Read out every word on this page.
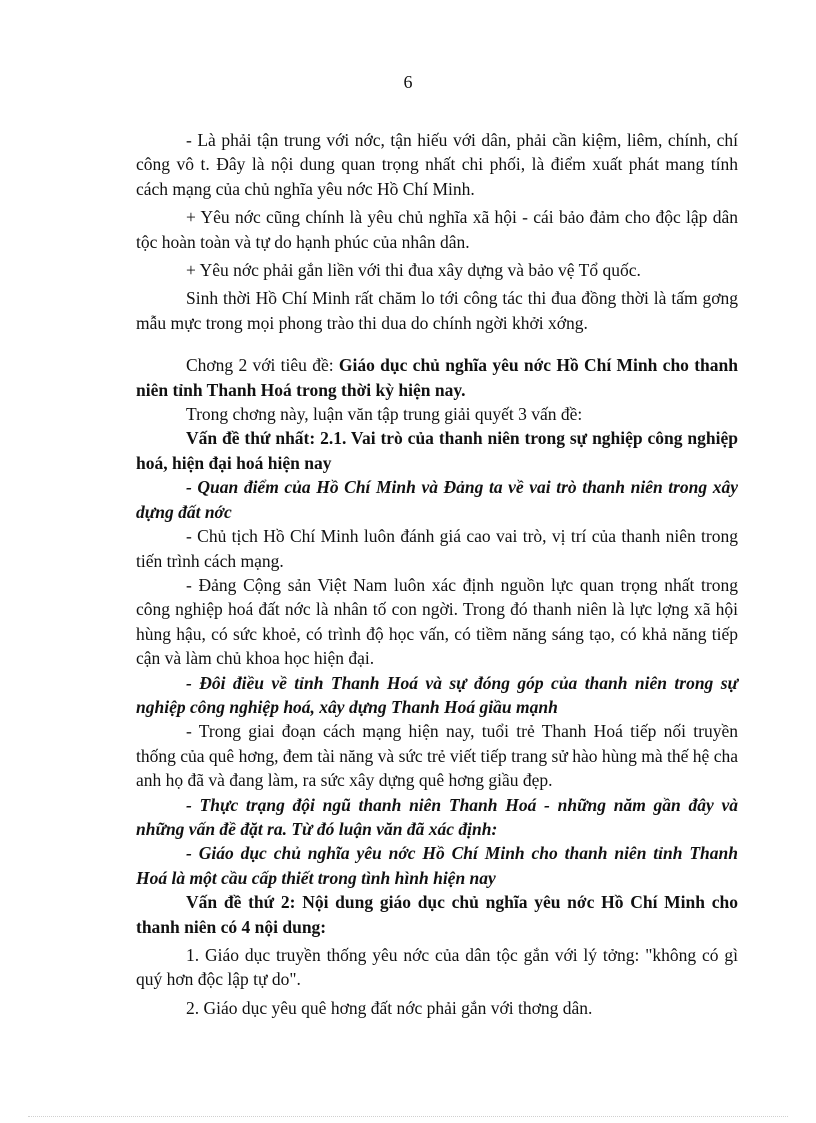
6

- Là phải tận trung với nớc, tận hiếu với dân, phải cần kiệm, liêm, chính, chí công vô t. Đây là nội dung quan trọng nhất chi phối, là điểm xuất phát mang tính cách mạng của chủ nghĩa yêu nớc Hồ Chí Minh.

+ Yêu nớc cũng chính là yêu chủ nghĩa xã hội - cái bảo đảm cho độc lập dân tộc hoàn toàn và tự do hạnh phúc của nhân dân.

+ Yêu nớc phải gắn liền với thi đua xây dựng và bảo vệ Tổ quốc.

Sinh thời Hồ Chí Minh rất chăm lo tới công tác thi đua đồng thời là tấm gơng mẫu mực trong mọi phong trào thi dua do chính ngời khởi xớng.

Chơng 2 với tiêu đề: Giáo dục chủ nghĩa yêu nớc Hồ Chí Minh cho thanh niên tỉnh Thanh Hoá trong thời kỳ hiện nay.

Trong chơng này, luận văn tập trung giải quyết 3 vấn đề:

Vấn đề thứ nhất: 2.1. Vai trò của thanh niên trong sự nghiệp công nghiệp hoá, hiện đại hoá hiện nay

- Quan điểm của Hồ Chí Minh và Đảng ta về vai trò thanh niên trong xây dựng đất nớc

- Chủ tịch Hồ Chí Minh luôn đánh giá cao vai trò, vị trí của thanh niên trong tiến trình cách mạng.

- Đảng Cộng sản Việt Nam luôn xác định nguồn lực quan trọng nhất trong công nghiệp hoá đất nớc là nhân tố con ngời. Trong đó thanh niên là lực lợng xã hội hùng hậu, có sức khoẻ, có trình độ học vấn, có tiềm năng sáng tạo, có khả năng tiếp cận và làm chủ khoa học hiện đại.

- Đôi điều về tỉnh Thanh Hoá và sự đóng góp của thanh niên trong sự nghiệp công nghiệp hoá, xây dựng Thanh Hoá giầu mạnh

- Trong giai đoạn cách mạng hiện nay, tuổi trẻ Thanh Hoá tiếp nối truyền thống của quê hơng, đem tài năng và sức trẻ viết tiếp trang sử hào hùng mà thế hệ cha anh họ đã và đang làm, ra sức xây dựng quê hơng giầu đẹp.

- Thực trạng đội ngũ thanh niên Thanh Hoá - những năm gần đây và những vấn đề đặt ra. Từ đó luận văn đã xác định:

- Giáo dục chủ nghĩa yêu nớc Hồ Chí Minh cho thanh niên tỉnh Thanh Hoá là một cầu cấp thiết trong tình hình hiện nay

Vấn đề thứ 2: Nội dung giáo dục chủ nghĩa yêu nớc Hồ Chí Minh cho thanh niên có 4 nội dung:

1. Giáo dục truyền thống yêu nớc của dân tộc gắn với lý tởng: "không có gì quý hơn độc lập tự do".

2. Giáo dục yêu quê hơng đất nớc phải gắn với thơng dân.
